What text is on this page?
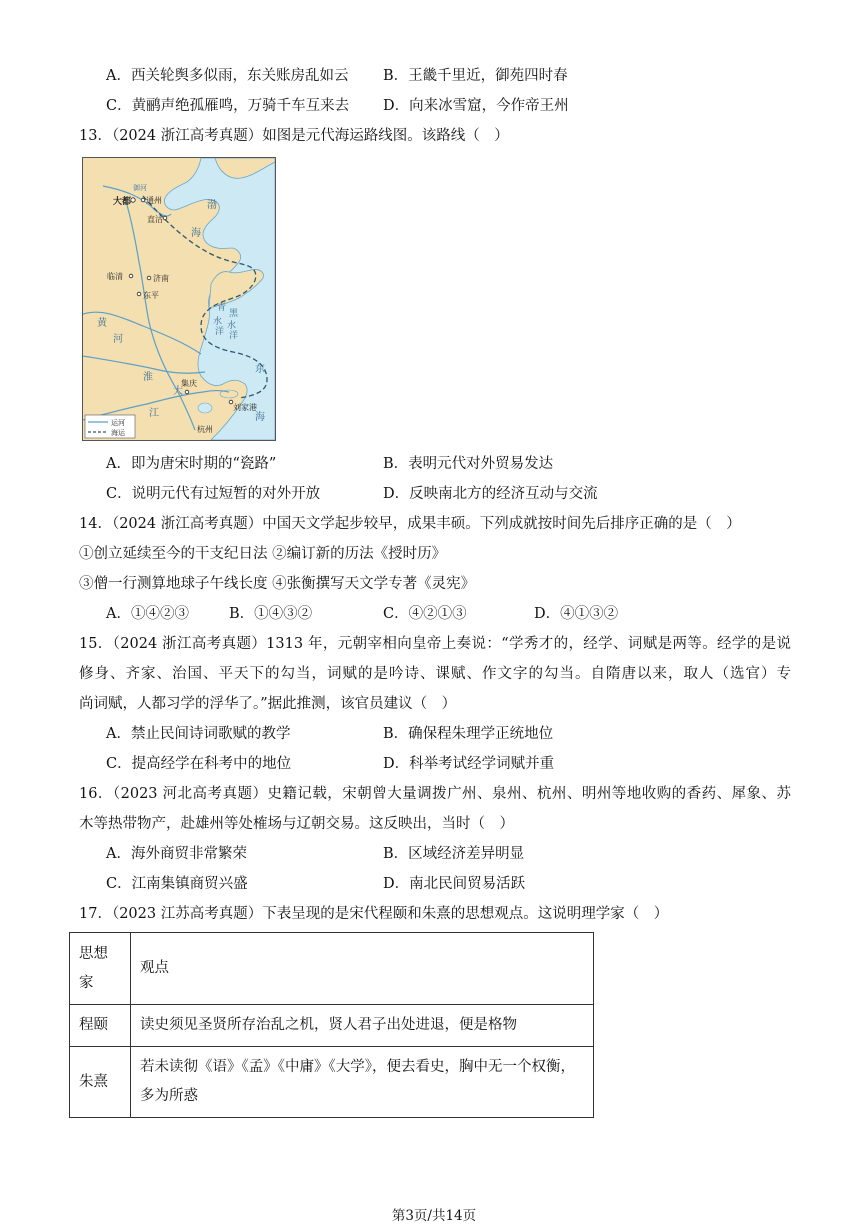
A．西关轮舆多似雨，东关账房乱如云 B．王畿千里近，御苑四时春
C．黄鹂声绝孤雁鸣，万骑千车互来去 D．向来冰雪窟，今作帝王州
13．（2024 浙江高考真题）如图是元代海运路线图。该路线（　）
大都 通州
直沽
御河
临清	济南
东平
集庆
刘家港
杭州
渤
海
黄
河
青
黑
水
洋
水
洋
淮
东
海
大
江
运河
海运
A．即为唐宋时期的“瓷路”	B．表明元代对外贸易发达
C．说明元代有过短暂的对外开放	D．反映南北方的经济互动与交流
14．（2024 浙江高考真题）中国天文学起步较早，成果丰硕。下列成就按时间先后排序正确的是（　）
①创立延续至今的干支纪日法 ②编订新的历法《授时历》
③僧一行测算地球子午线长度 ④张衡撰写天文学专著《灵宪》
A．①④②③	B．①④③②	C．④②①③	D．④①③②
15．（2024 浙江高考真题）1313 年，元朝宰相向皇帝上奏说：“学秀才的，经学、词赋是两等。经学的是说
修身、齐家、治国、平天下的勾当，词赋的是吟诗、课赋、作文字的勾当。自隋唐以来，取人（选官）专
尚词赋，人都习学的浮华了。”据此推测，该官员建议（　）
A．禁止民间诗词歌赋的教学	B．确保程朱理学正统地位
C．提高经学在科考中的地位	D．科举考试经学词赋并重
16．（2023 河北高考真题）史籍记载，宋朝曾大量调拨广州、泉州、杭州、明州等地收购的香药、犀象、苏
木等热带物产，赴雄州等处榷场与辽朝交易。这反映出，当时（　）
A．海外商贸非常繁荣	B．区域经济差异明显
C．江南集镇商贸兴盛	D．南北民间贸易活跃
17．（2023 江苏高考真题）下表呈现的是宋代程颐和朱熹的思想观点。这说明理学家（　）
思想家	观点
程颐	读史须见圣贤所存治乱之机，贤人君子出处进退，便是格物
朱熹	若未读彻《语》《孟》《中庸》《大学》，便去看史，胸中无一个权衡，
多为所惑
第3页/共14页
